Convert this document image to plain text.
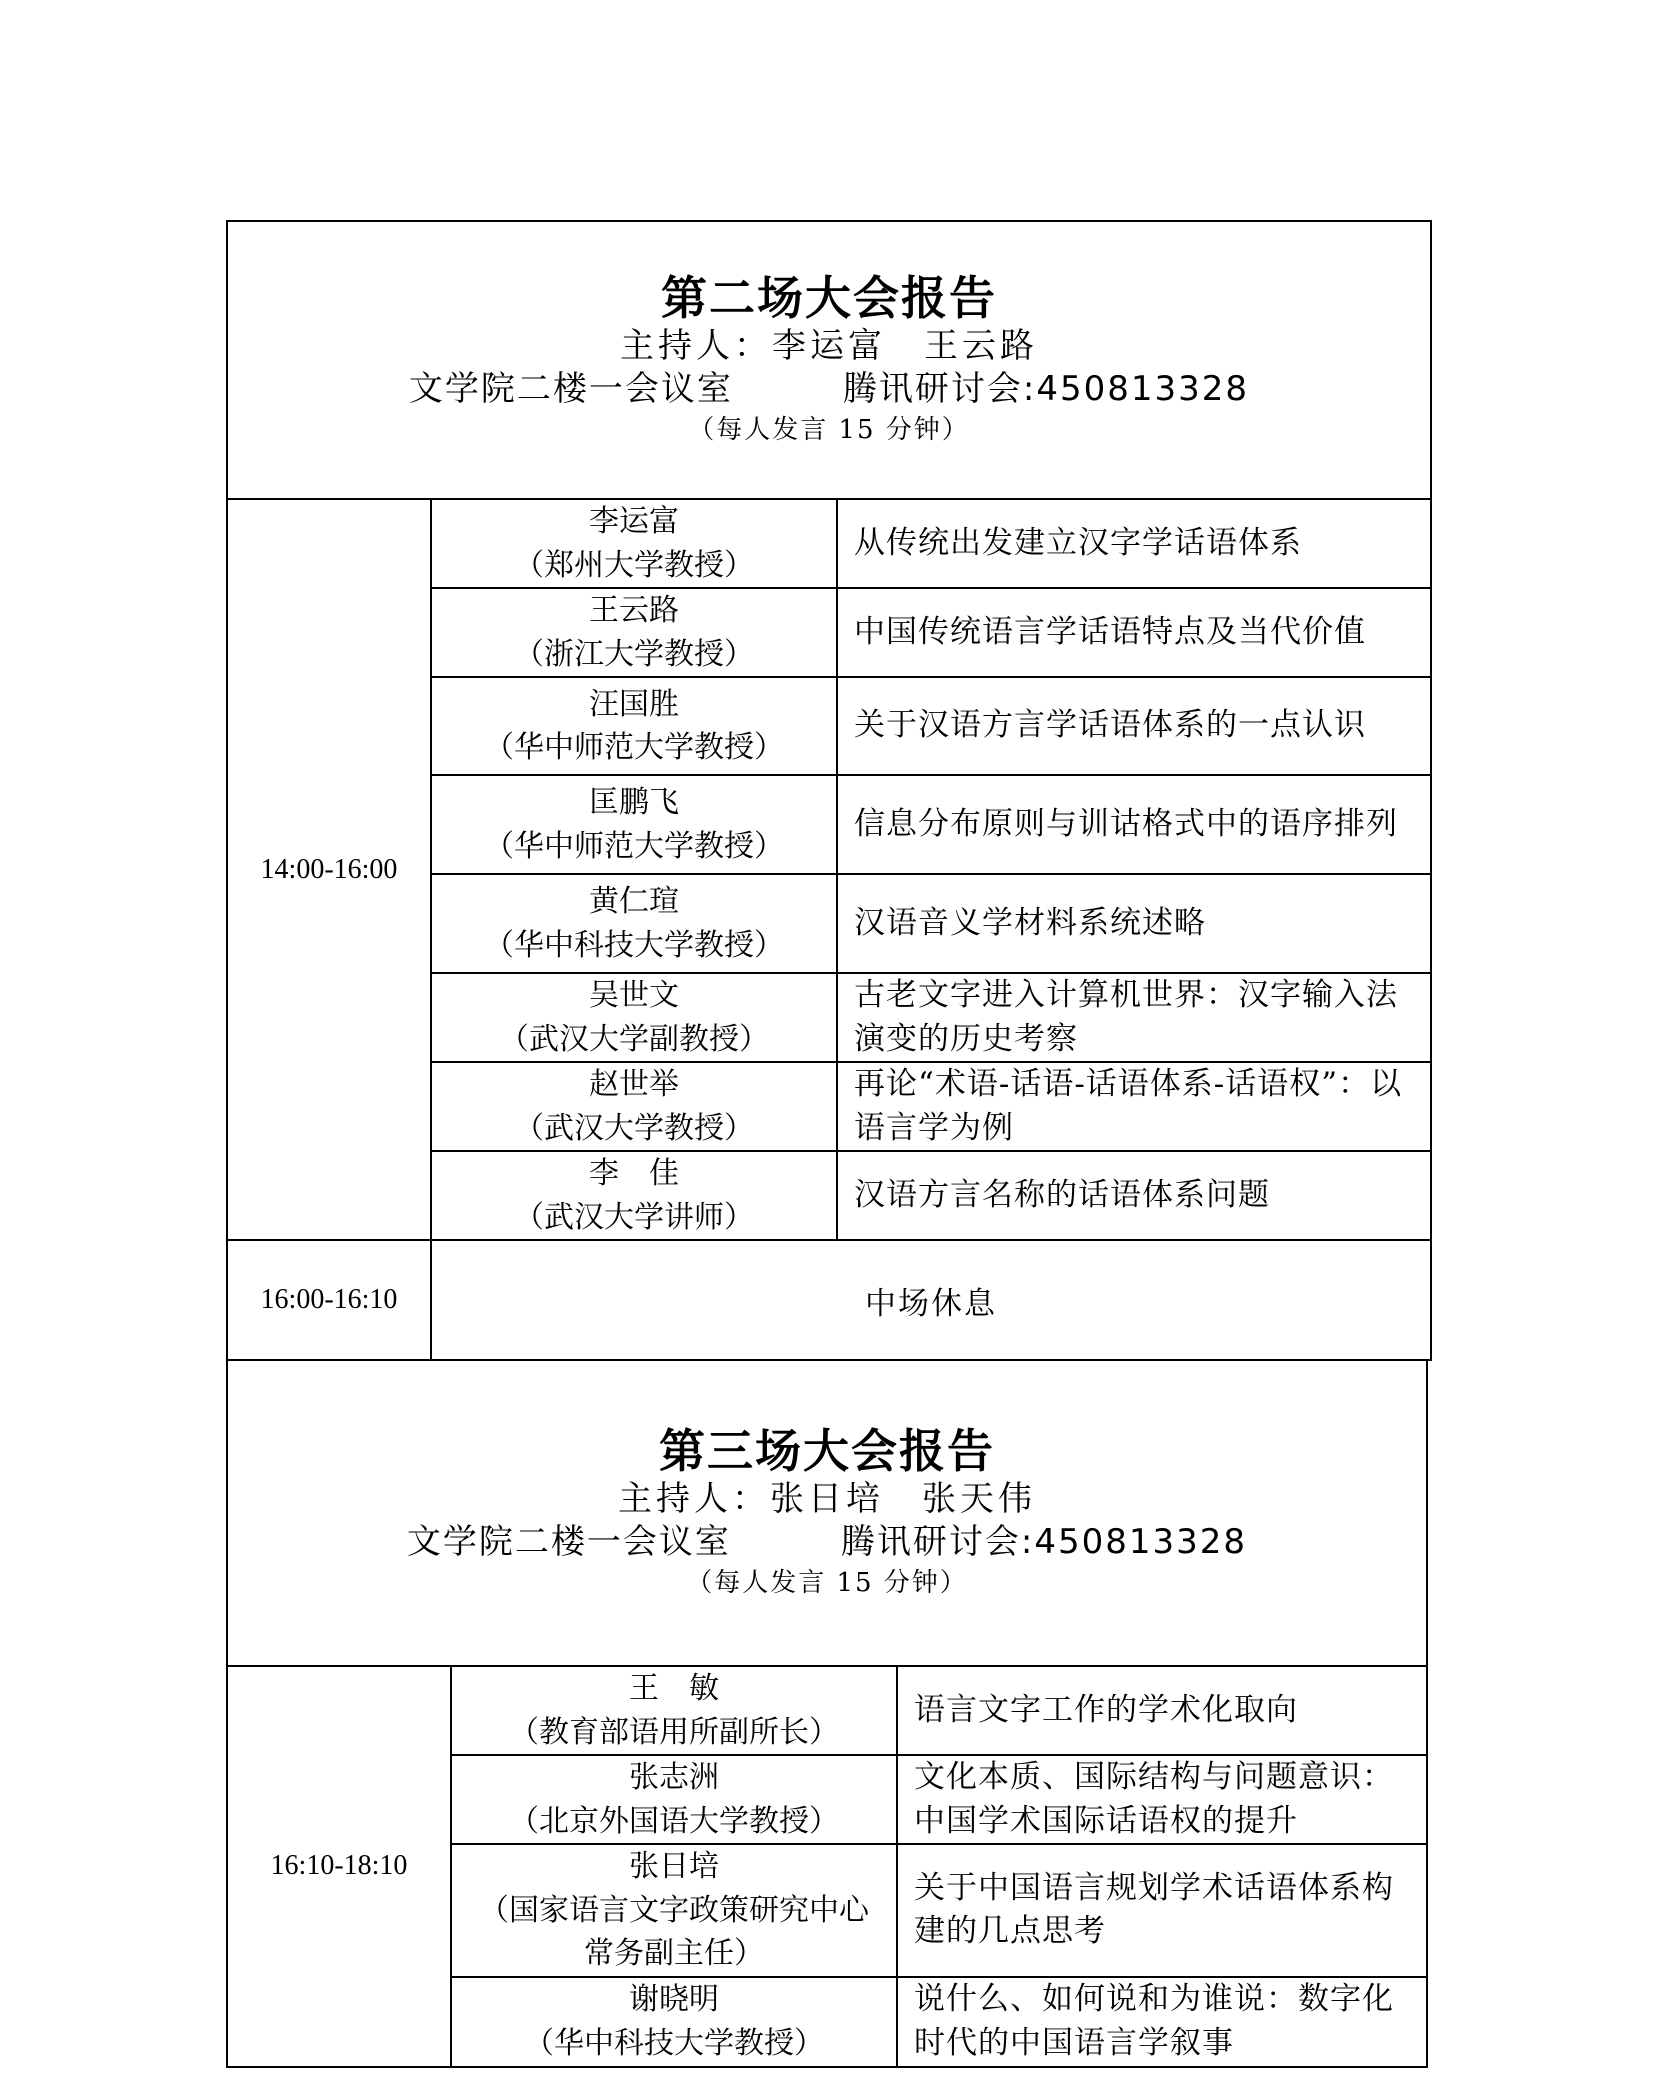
第二场大会报告
主持人：李运富　王云路
文学院二楼一会议室 腾讯研讨会:450813328
（每人发言 15 分钟）		

14:00-16:00	李运富
（郑州大学教授）	从传统出发建立汉字学话语体系

	王云路
（浙江大学教授）	中国传统语言学话语特点及当代价值

	汪国胜
（华中师范大学教授）	关于汉语方言学话语体系的一点认识

	匡鹏飞
（华中师范大学教授）	信息分布原则与训诂格式中的语序排列

	黄仁瑄
（华中科技大学教授）	汉语音义学材料系统述略

	吴世文
（武汉大学副教授）	古老文字进入计算机世界：汉字输入法演变的历史考察

	赵世举
（武汉大学教授）	再论“术语-话语-话语体系-话语权”：以语言学为例

	李　佳
（武汉大学讲师）	汉语方言名称的话语体系问题
16:00-16:10	中场休息	
第三场大会报告
主持人：张日培　张天伟
文学院二楼一会议室 腾讯研讨会:450813328
（每人发言 15 分钟）		

16:10-18:10	王　敏
（教育部语用所副所长）	语言文字工作的学术化取向

	张志洲
（北京外国语大学教授）	文化本质、国际结构与问题意识：中国学术国际话语权的提升

	张日培
（国家语言文字政策研究中心常务副主任）	关于中国语言规划学术话语体系构建的几点思考

	谢晓明
（华中科技大学教授）	说什么、如何说和为谁说：数字化时代的中国语言学叙事
